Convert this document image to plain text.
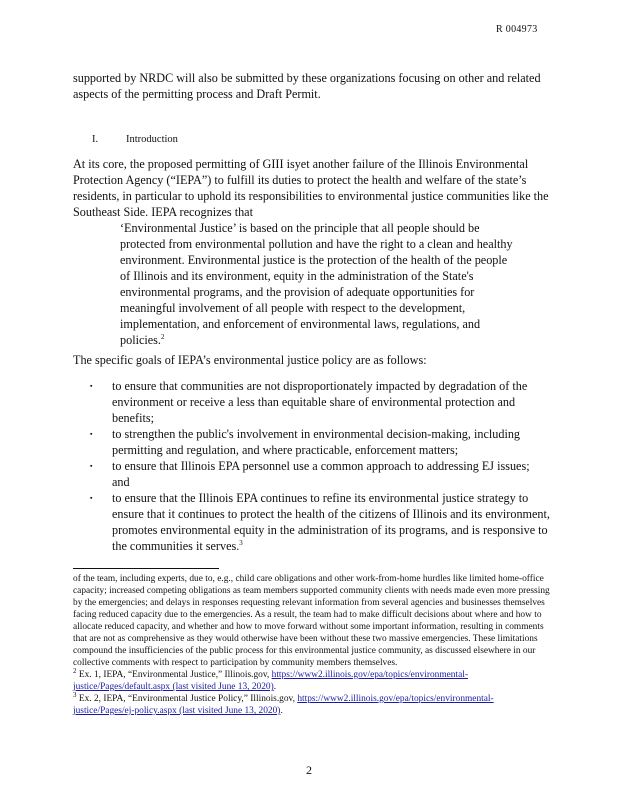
R 004973

supported by NRDC will also be submitted by these organizations focusing on other and related aspects of the permitting process and Draft Permit.

I.	Introduction

At its core, the proposed permitting of GIII isyet another failure of the Illinois Environmental Protection Agency (“IEPA”) to fulfill its duties to protect the health and welfare of the state’s residents, in particular to uphold its responsibilities to environmental justice communities like the Southeast Side. IEPA recognizes that

‘Environmental Justice’ is based on the principle that all people should be protected from environmental pollution and have the right to a clean and healthy environment. Environmental justice is the protection of the health of the people of Illinois and its environment, equity in the administration of the State's environmental programs, and the provision of adequate opportunities for meaningful involvement of all people with respect to the development, implementation, and enforcement of environmental laws, regulations, and policies.$^2$

The specific goals of IEPA’s environmental justice policy are as follows:

▪ to ensure that communities are not disproportionately impacted by degradation of the environment or receive a less than equitable share of environmental protection and benefits;
▪ to strengthen the public's involvement in environmental decision-making, including permitting and regulation, and where practicable, enforcement matters;
▪ to ensure that Illinois EPA personnel use a common approach to addressing EJ issues; and
▪ to ensure that the Illinois EPA continues to refine its environmental justice strategy to ensure that it continues to protect the health of the citizens of Illinois and its environment, promotes environmental equity in the administration of its programs, and is responsive to the communities it serves.$^3$
of the team, including experts, due to, e.g., child care obligations and other work-from-home hurdles like limited home-office capacity; increased competing obligations as team members supported community clients with needs made even more pressing by the emergencies; and delays in responses requesting relevant information from several agencies and businesses themselves facing reduced capacity due to the emergencies. As a result, the team had to make difficult decisions about where and how to allocate reduced capacity, and whether and how to move forward without some important information, resulting in comments that are not as comprehensive as they would otherwise have been without these two massive emergencies. These limitations compound the insufficiencies of the public process for this environmental justice community, as discussed elsewhere in our collective comments with respect to participation by community members themselves.
$^2$ Ex. 1, IEPA, “Environmental Justice,” Illinois.gov, https://www2.illinois.gov/epa/topics/environmental-justice/Pages/default.aspx (last visited June 13, 2020).
$^3$ Ex. 2, IEPA, “Environmental Justice Policy,” Illinois.gov, https://www2.illinois.gov/epa/topics/environmental-justice/Pages/ej-policy.aspx (last visited June 13, 2020).
2
